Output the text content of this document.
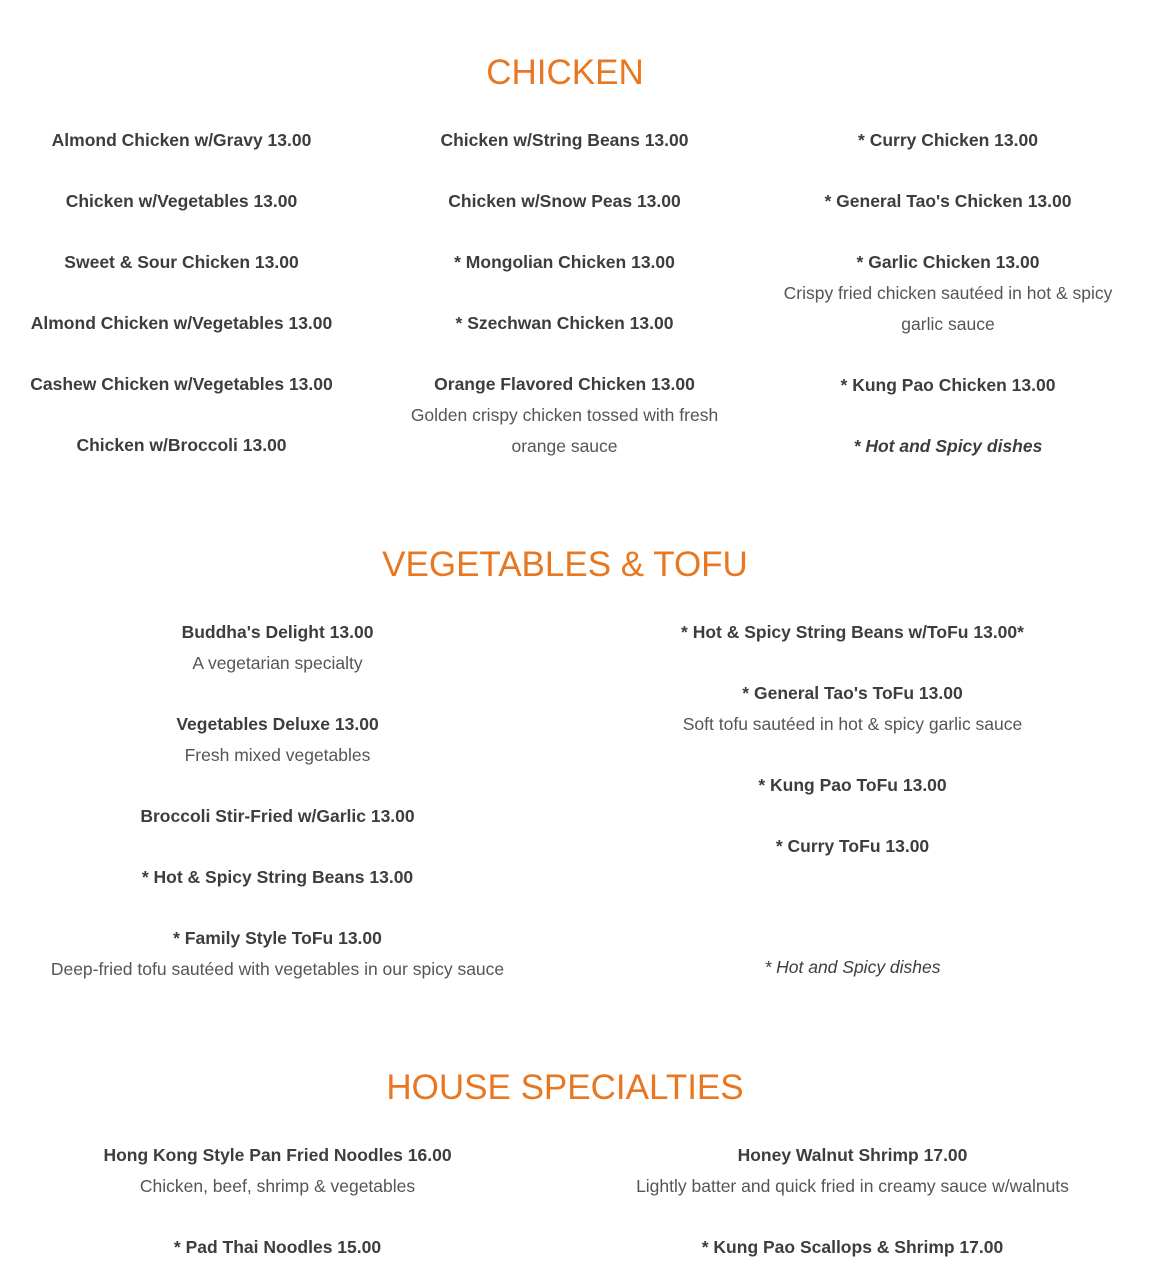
CHICKEN
Almond Chicken w/Gravy 13.00
Chicken w/Vegetables 13.00
Sweet & Sour Chicken 13.00
Almond Chicken w/Vegetables 13.00
Cashew Chicken w/Vegetables 13.00
Chicken w/Broccoli 13.00
Chicken w/String Beans 13.00
Chicken w/Snow Peas 13.00
* Mongolian Chicken 13.00
* Szechwan Chicken 13.00
Orange Flavored Chicken 13.00
Golden crispy chicken tossed with fresh orange sauce
* Curry Chicken 13.00
* General Tao's Chicken 13.00
* Garlic Chicken 13.00
Crispy fried chicken sautéed in hot & spicy garlic sauce
* Kung Pao Chicken 13.00
* Hot and Spicy dishes
VEGETABLES & TOFU
Buddha's Delight 13.00
A vegetarian specialty
Vegetables Deluxe 13.00
Fresh mixed vegetables
Broccoli Stir-Fried w/Garlic 13.00
* Hot & Spicy String Beans 13.00
* Family Style ToFu 13.00
Deep-fried tofu sautéed with vegetables in our spicy sauce
* Hot & Spicy String Beans w/ToFu 13.00*
* General Tao's ToFu 13.00
Soft tofu sautéed in hot & spicy garlic sauce
* Kung Pao ToFu 13.00
* Curry ToFu 13.00
* Hot and Spicy dishes
HOUSE SPECIALTIES
Hong Kong Style Pan Fried Noodles 16.00
Chicken, beef, shrimp & vegetables
* Pad Thai Noodles 15.00
Honey Walnut Shrimp 17.00
Lightly batter and quick fried in creamy sauce w/walnuts
* Kung Pao Scallops & Shrimp 17.00
